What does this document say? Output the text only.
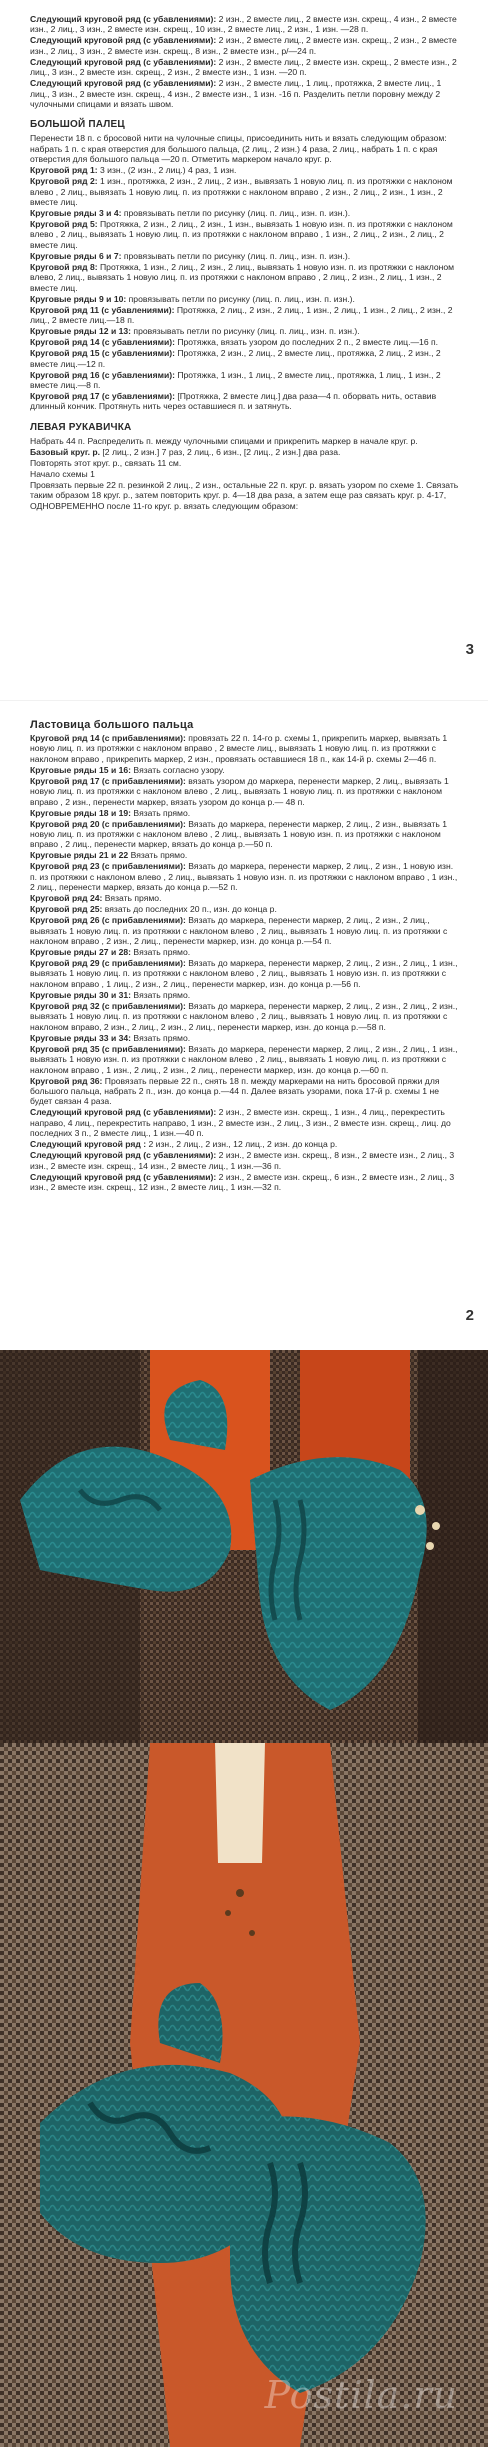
Следующий круговой ряд (с убавлениями): 2 изн., 2 вместе лиц., 2 вместе изн. скрещ., 4 изн., 2 вместе изн., 2 лиц., 3 изн., 2 вместе изн. скрещ., 10 изн., 2 вместе лиц., 2 изн., 1 изн. —28 п.
Следующий круговой ряд (с убавлениями): 2 изн., 2 вместе лиц., 2 вместе изн. скрещ., 2 изн., 2 вместе изн., 2 лиц., 3 изн., 2 вместе изн. скрещ., 8 изн., 2 вместе изн., р/—24 п.
Следующий круговой ряд (с убавлениями): 2 изн., 2 вместе лиц., 2 вместе изн. скрещ., 2 вместе изн., 2 лиц., 3 изн., 2 вместе изн. скрещ., 2 изн., 2 вместе изн., 1 изн. —20 п.
Следующий круговой ряд (с убавлениями): 2 изн., 2 вместе лиц., 1 лиц., протяжка, 2 вместе лиц., 1 лиц., 3 изн., 2 вместе изн. скрещ., 4 изн., 2 вместе изн., 1 изн. -16 п. Разделить петли поровну между 2 чулочными спицами и вязать швом.
БОЛЬШОЙ ПАЛЕЦ
Перенести 18 п. с бросовой нити на чулочные спицы, присоединить нить и вязать следующим образом: набрать 1 п. с края отверстия для большого пальца, (2 лиц., 2 изн.) 4 раза, 2 лиц., набрать 1 п. с края отверстия для большого пальца —20 п. Отметить маркером начало круг. р.
Круговой ряд 1: 3 изн., (2 изн., 2 лиц.) 4 раз, 1 изн.
Круговой ряд 2: 1 изн., протяжка, 2 изн., 2 лиц., 2 изн., вывязать 1 новую лиц. п. из протяжки с наклоном влево , 2 лиц., вывязать 1 новую лиц. п. из протяжки с наклоном вправо , 2 изн., 2 лиц., 2 изн., 1 изн., 2 вместе лиц.
Круговые ряды 3 и 4: провязывать петли по рисунку (лиц. п. лиц., изн. п. изн.).
Круговой ряд 5: Протяжка, 2 изн., 2 лиц., 2 изн., 1 изн., вывязать 1 новую изн. п. из протяжки с наклоном влево , 2 лиц., вывязать 1 новую лиц. п. из протяжки с наклоном вправо , 1 изн., 2 лиц., 2 изн., 2 лиц., 2 вместе лиц.
Круговые ряды 6 и 7: провязывать петли по рисунку (лиц. п. лиц., изн. п. изн.).
Круговой ряд 8: Протяжка, 1 изн., 2 лиц., 2 изн., 2 лиц., вывязать 1 новую изн. п. из протяжки с наклоном влево, 2 лиц., вывязать 1 новую лиц. п. из протяжки с наклоном вправо , 2 лиц., 2 изн., 2 лиц., 1 изн., 2 вместе лиц.
Круговые ряды 9 и 10: провязывать петли по рисунку (лиц. п. лиц., изн. п. изн.).
Круговой ряд 11 (с убавлениями): Протяжка, 2 лиц., 2 изн., 2 лиц., 1 изн., 2 лиц., 1 изн., 2 лиц., 2 изн., 2 лиц., 2 вместе лиц.—18 п.
Круговые ряды 12 и 13: провязывать петли по рисунку (лиц. п. лиц., изн. п. изн.).
Круговой ряд 14 (с убавлениями): Протяжка, вязать узором до последних 2 п., 2 вместе лиц.—16 п.
Круговой ряд 15 (с убавлениями): Протяжка, 2 изн., 2 лиц., 2 вместе лиц., протяжка, 2 лиц., 2 изн., 2 вместе лиц.—12 п.
Круговой ряд 16 (с убавлениями): Протяжка, 1 изн., 1 лиц., 2 вместе лиц., протяжка, 1 лиц., 1 изн., 2 вместе лиц.—8 п.
Круговой ряд 17 (с убавлениями): [Протяжка, 2 вместе лиц.] два раза—4 п. оборвать нить, оставив длинный кончик. Протянуть нить через оставшиеся п. и затянуть.
ЛЕВАЯ РУКАВИЧКА
Набрать 44 п. Распределить п. между чулочными спицами и прикрепить маркер в начале круг. р.
Базовый круг. р. [2 лиц., 2 изн.] 7 раз, 2 лиц., 6 изн., [2 лиц., 2 изн.] два раза.
Повторять этот круг. р., связать 11 см.
Начало схемы 1
Провязать первые 22 п. резинкой 2 лиц., 2 изн., остальные 22 п. круг. р. вязать узором по схеме 1. Связать таким образом 18 круг. р., затем повторить круг. р. 4—18 два раза, а затем еще раз связать круг. р. 4-17, ОДНОВРЕМЕННО после 11-го круг. р. вязать следующим образом:
3
Ластовица большого пальца
Круговой ряд 14 (с прибавлениями): провязать 22 п. 14-го р. схемы 1, прикрепить маркер, вывязать 1 новую лиц. п. из протяжки с наклоном вправо , 2 вместе лиц., вывязать 1 новую лиц. п. из протяжки с наклоном вправо , прикрепить маркер, 2 изн., провязать оставшиеся 18 п., как 14-й р. схемы 2—46 п.
Круговые ряды 15 и 16: Вязать согласно узору.
Круговой ряд 17 (с прибавлениями): вязать узором до маркера, перенести маркер, 2 лиц., вывязать 1 новую лиц. п. из протяжки с наклоном влево , 2 лиц., вывязать 1 новую лиц. п. из протяжки с наклоном вправо , 2 изн., перенести маркер, вязать узором до конца р.— 48 п.
Круговые ряды 18 и 19: Вязать прямо.
Круговой ряд 20 (с прибавлениями): Вязать до маркера, перенести маркер, 2 лиц., 2 изн., вывязать 1 новую лиц. п. из протяжки с наклоном влево , 2 лиц., вывязать 1 новую изн. п. из протяжки с наклоном вправо , 2 лиц., перенести маркер, вязать до конца р.—50 п.
Круговые ряды 21 и 22 Вязать прямо.
Круговой ряд 23 (с прибавлениями): Вязать до маркера, перенести маркер, 2 лиц., 2 изн., 1 новую изн. п. из протяжки с наклоном влево , 2 лиц., вывязать 1 новую изн. п. из протяжки с наклоном вправо , 1 изн., 2 лиц., перенести маркер, вязать до конца р.—52 п.
Круговой ряд 24: Вязать прямо.
Круговой ряд 25: вязать до последних 20 п., изн. до конца р.
Круговой ряд 26 (с прибавлениями): Вязать до маркера, перенести маркер, 2 лиц., 2 изн., 2 лиц., вывязать 1 новую лиц. п. из протяжки с наклоном влево , 2 лиц., вывязать 1 новую лиц. п. из протяжки с наклоном вправо , 2 изн., 2 лиц., перенести маркер, изн. до конца р.—54 п.
Круговые ряды 27 и 28: Вязать прямо.
Круговой ряд 29 (с прибавлениями): Вязать до маркера, перенести маркер, 2 лиц., 2 изн., 2 лиц., 1 изн., вывязать 1 новую лиц. п. из протяжки с наклоном влево , 2 лиц., вывязать 1 новую изн. п. из протяжки с наклоном вправо , 1 лиц., 2 изн., 2 лиц., перенести маркер, изн. до конца р.—56 п.
Круговые ряды 30 и 31: Вязать прямо.
Круговой ряд 32 (с прибавлениями): Вязать до маркера, перенести маркер, 2 лиц., 2 изн., 2 лиц., 2 изн., вывязать 1 новую лиц. п. из протяжки с наклоном влево , 2 лиц., вывязать 1 новую лиц. п. из протяжки с наклоном вправо, 2 изн., 2 лиц., 2 изн., 2 лиц., перенести маркер, изн. до конца р.—58 п.
Круговые ряды 33 и 34: Вязать прямо.
Круговой ряд 35 (с прибавлениями): Вязать до маркера, перенести маркер, 2 лиц., 2 изн., 2 лиц., 1 изн., вывязать 1 новую изн. п. из протяжки с наклоном влево , 2 лиц., вывязать 1 новую лиц. п. из протяжки с наклоном вправо , 1 изн., 2 лиц., 2 изн., 2 лиц., перенести маркер, изн. до конца р.—60 п.
Круговой ряд 36: Провязать первые 22 п., снять 18 п. между маркерами на нить бросовой пряжи для большого пальца, набрать 2 п., изн. до конца р.—44 п. Далее вязать узорами, пока 17-й р. схемы 1 не будет связан 4 раза.
Следующий круговой ряд (с убавлениями): 2 изн., 2 вместе изн. скрещ., 1 изн., 4 лиц., перекрестить направо, 4 лиц., перекрестить направо, 1 изн., 2 вместе изн., 2 лиц., 3 изн., 2 вместе изн. скрещ., лиц. до последних 3 п., 2 вместе лиц., 1 изн.—40 п.
Следующий круговой ряд : 2 изн., 2 лиц., 2 изн., 12 лиц., 2 изн. до конца р.
Следующий круговой ряд (с убавлениями): 2 изн., 2 вместе изн. скрещ., 8 изн., 2 вместе изн., 2 лиц., 3 изн., 2 вместе изн. скрещ., 14 изн., 2 вместе лиц., 1 изн.—36 п.
Следующий круговой ряд (с убавлениями): 2 изн., 2 вместе изн. скрещ., 6 изн., 2 вместе изн., 2 лиц., 3 изн., 2 вместе изн. скрещ., 12 изн., 2 вместе лиц., 1 изн.—32 п.
2
Postila.ru
